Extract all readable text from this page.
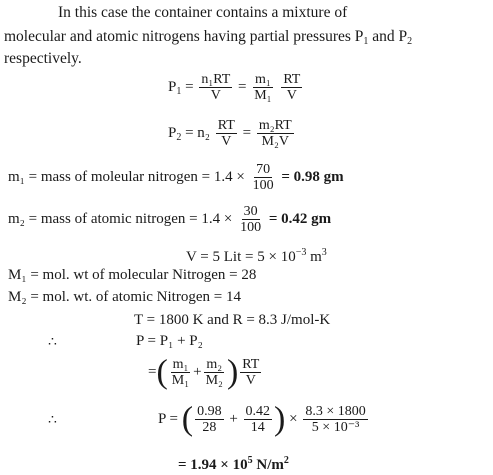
In this case the container contains a mixture of
molecular and atomic nitrogens having partial pressures $P_1$ and $P_2$
respectively.
$P_1 = \frac{\text{n₁RT}}{V} = \frac{\text{m₁}}{\text{M₁}}$
$\frac{RT}{V}$
$P_2 = n_2 \frac{RT}{V} = \frac{\text{m₂RT}}{\text{M₂V}}$
m₁ = mass of moleular nitrogen = $1.4 \times \frac{70}{100} = 0.98$ gm
m₂ = mass of atomic nitrogen = $1.4 \times \frac{30}{100} = 0.42$ gm
V = 5 Lit = $5 \times 10^{-3}$ $m^3$
M₁ = mol. wt of molecular Nitrogen = 28
M₂ = mol. wt. of atomic Nitrogen = 14
T = 1800 K and R = 8.3 J/mol-K
∴	P = P₁ + P₂
=( $\frac{\text{m₁}}{\text{M₁}} + \frac{\text{m₂}}{\text{M₂}}$ ) $\frac{RT}{V}$
∴	P = ( $\frac{0.98}{28} + \frac{0.42}{14}$ ) × $\frac{8.3 \times 1800}{\text{5 × 10⁻³}}$
= $1.94 \times 10^5$ $N/m^2$
